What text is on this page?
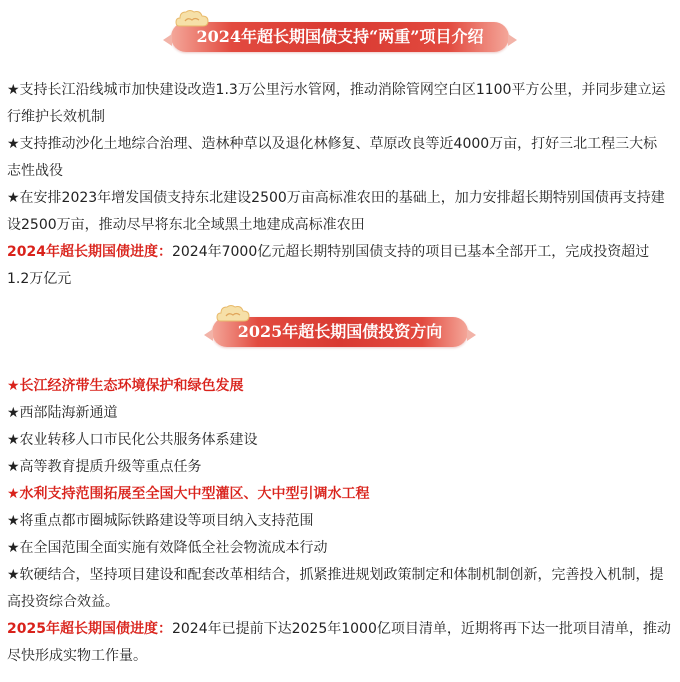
2024年超长期国债支持“两重”项目介绍

★支持长江沿线城市加快建设改造1.3万公里污水管网，推动消除管网空白区1100平方公里，并同步建立运行维护长效机制

★支持推动沙化土地综合治理、造林种草以及退化林修复、草原改良等近4000万亩，打好三北工程三大标志性战役

★在安排2023年增发国债支持东北建设2500万亩高标准农田的基础上，加力安排超长期特别国债再支持建设2500万亩，推动尽早将东北全域黑土地建成高标准农田

2024年超长期国债进度：2024年7000亿元超长期特别国债支持的项目已基本全部开工，完成投资超过1.2万亿元

2025年超长期国债投资方向

★长江经济带生态环境保护和绿色发展

★西部陆海新通道

★农业转移人口市民化公共服务体系建设

★高等教育提质升级等重点任务

★水利支持范围拓展至全国大中型灌区、大中型引调水工程

★将重点都市圈城际铁路建设等项目纳入支持范围

★在全国范围全面实施有效降低全社会物流成本行动

★软硬结合，坚持项目建设和配套改革相结合，抓紧推进规划政策制定和体制机制创新，完善投入机制，提高投资综合效益。

2025年超长期国债进度：2024年已提前下达2025年1000亿项目清单，近期将再下达一批项目清单，推动尽快形成实物工作量。
